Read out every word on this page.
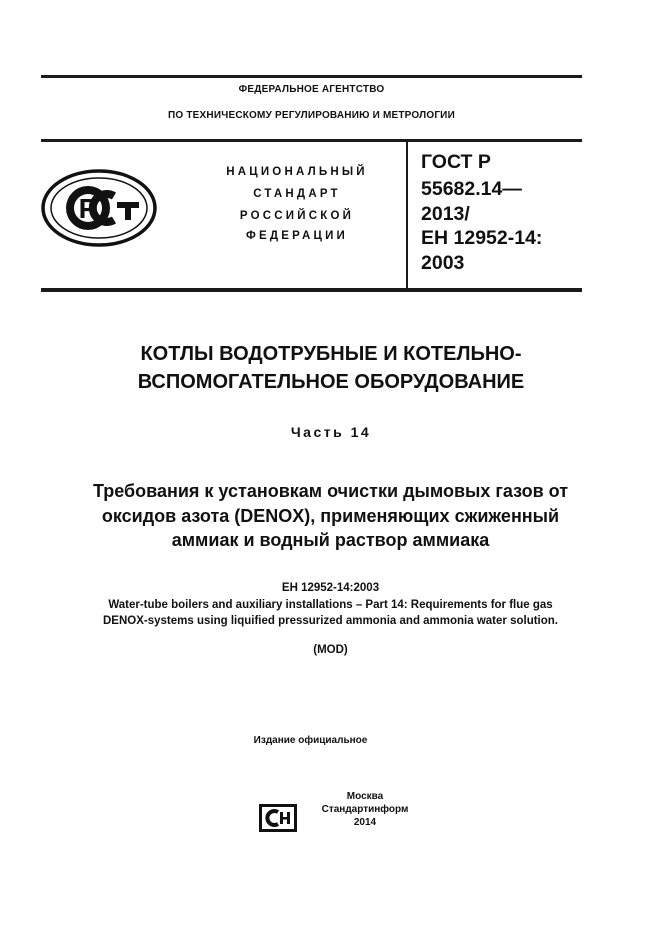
ФЕДЕРАЛЬНОЕ АГЕНТСТВО
ПО ТЕХНИЧЕСКОМУ РЕГУЛИРОВАНИЮ И МЕТРОЛОГИИ
P
НАЦИОНАЛЬНЫЙ
СТАНДАРТ
РОССИЙСКОЙ
ФЕДЕРАЦИИ
ГОСТ Р
55682.14—
2013/
ЕН 12952-14:
2003
КОТЛЫ ВОДОТРУБНЫЕ И КОТЕЛЬНО-
ВСПОМОГАТЕЛЬНОЕ ОБОРУДОВАНИЕ
Часть 14
Требования к установкам очистки дымовых газов от
оксидов азота (DENOX), применяющих сжиженный
аммиак и водный раствор аммиака
EH 12952-14:2003
Water-tube boilers and auxiliary installations – Part 14: Requirements for flue gas
DENOX-systems using liquified pressurized ammonia and ammonia water solution.
(MOD)
Издание официальное
Москва
Стандартинформ
2014
